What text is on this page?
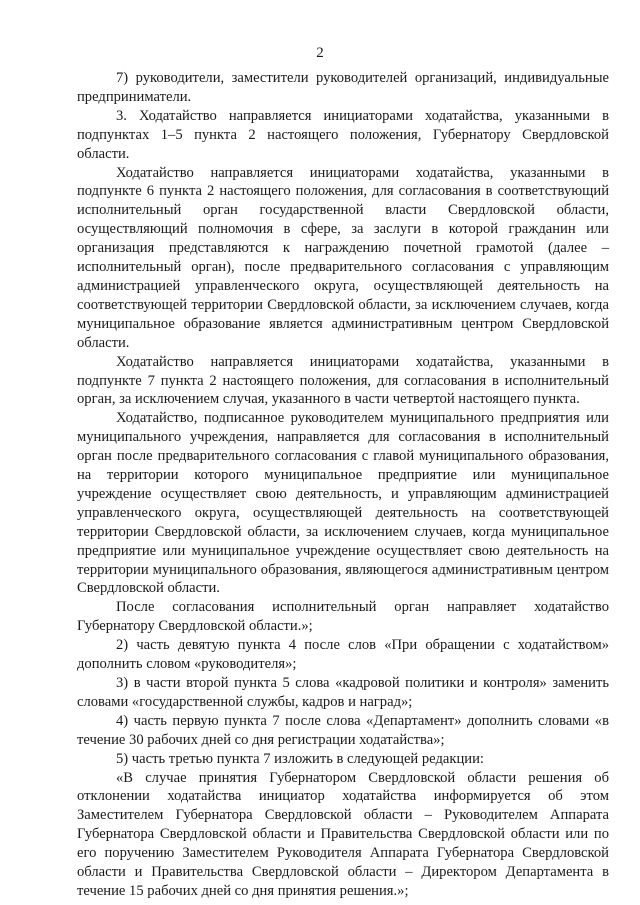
2

7) руководители, заместители руководителей организаций, индивидуальные предприниматели.

3. Ходатайство направляется инициаторами ходатайства, указанными в подпунктах 1–5 пункта 2 настоящего положения, Губернатору Свердловской области.

Ходатайство направляется инициаторами ходатайства, указанными в подпункте 6 пункта 2 настоящего положения, для согласования в соответствующий исполнительный орган государственной власти Свердловской области, осуществляющий полномочия в сфере, за заслуги в которой гражданин или организация представляются к награждению почетной грамотой (далее – исполнительный орган), после предварительного согласования с управляющим администрацией управленческого округа, осуществляющей деятельность на соответствующей территории Свердловской области, за исключением случаев, когда муниципальное образование является административным центром Свердловской области.

Ходатайство направляется инициаторами ходатайства, указанными в подпункте 7 пункта 2 настоящего положения, для согласования в исполнительный орган, за исключением случая, указанного в части четвертой настоящего пункта.

Ходатайство, подписанное руководителем муниципального предприятия или муниципального учреждения, направляется для согласования в исполнительный орган после предварительного согласования с главой муниципального образования, на территории которого муниципальное предприятие или муниципальное учреждение осуществляет свою деятельность, и управляющим администрацией управленческого округа, осуществляющей деятельность на соответствующей территории Свердловской области, за исключением случаев, когда муниципальное предприятие или муниципальное учреждение осуществляет свою деятельность на территории муниципального образования, являющегося административным центром Свердловской области.

После согласования исполнительный орган направляет ходатайство Губернатору Свердловской области.»;

2) часть девятую пункта 4 после слов «При обращении с ходатайством» дополнить словом «руководителя»;

3) в части второй пункта 5 слова «кадровой политики и контроля» заменить словами «государственной службы, кадров и наград»;

4) часть первую пункта 7 после слова «Департамент» дополнить словами «в течение 30 рабочих дней со дня регистрации ходатайства»;

5) часть третью пункта 7 изложить в следующей редакции:

«В случае принятия Губернатором Свердловской области решения об отклонении ходатайства инициатор ходатайства информируется об этом Заместителем Губернатора Свердловской области – Руководителем Аппарата Губернатора Свердловской области и Правительства Свердловской области или по его поручению Заместителем Руководителя Аппарата Губернатора Свердловской области и Правительства Свердловской области – Директором Департамента в течение 15 рабочих дней со дня принятия решения.»;
